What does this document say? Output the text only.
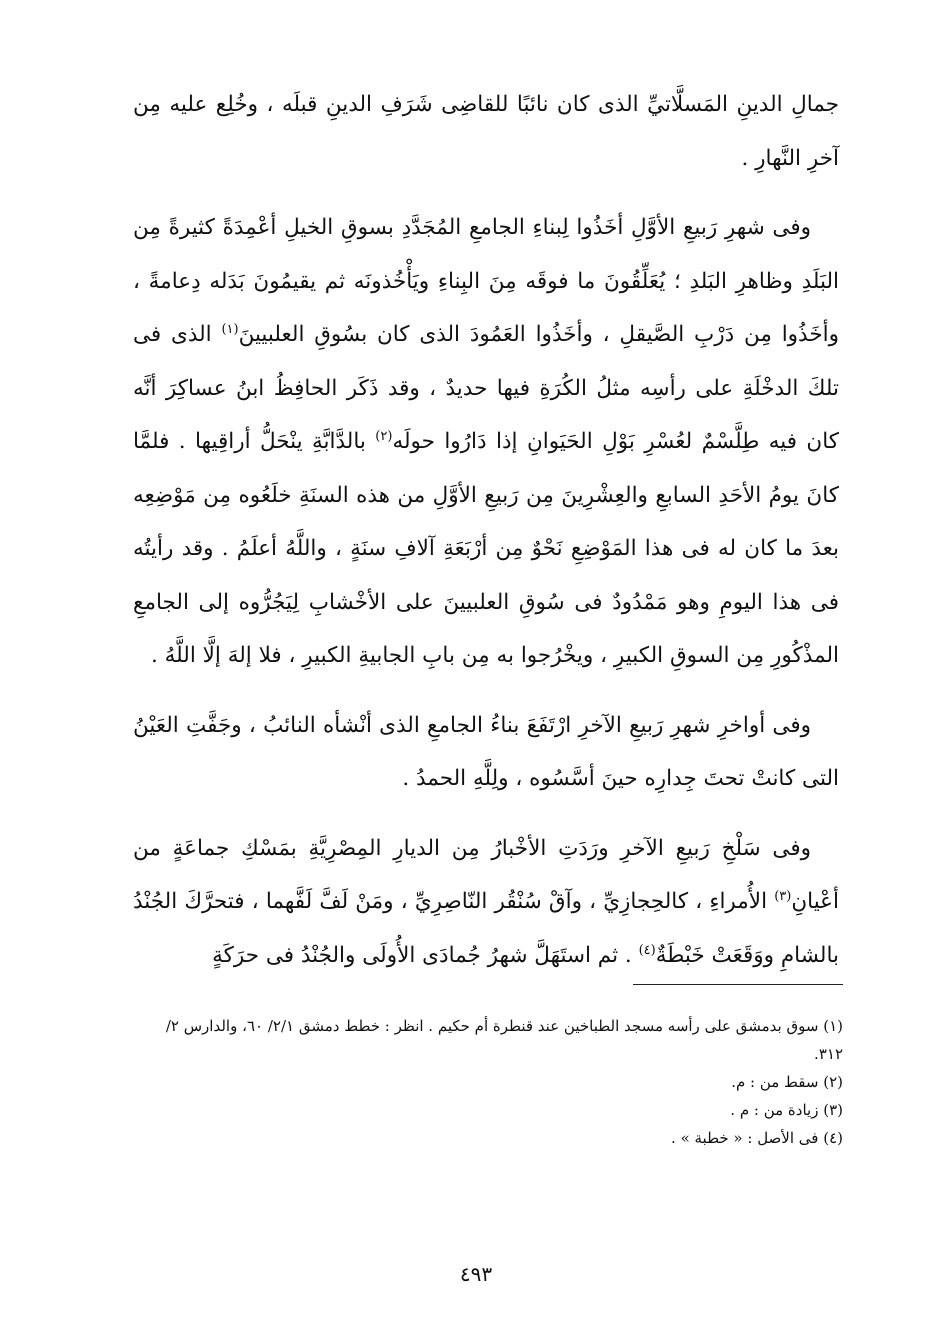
جمالِ الدينِ المَسلَّاتيِّ الذى كان نائبًا للقاضِى شَرَفِ الدينِ قبلَه ، وخُلِع عليه مِن آخرِ النَّهارِ .

وفى شهرِ رَبيعِ الأوَّلِ أخَذُوا لِبناءِ الجامعِ المُجَدَّدِ بسوقِ الخيلِ أعْمِدَةً كثيرةً مِن البَلَدِ وظاهرِ البَلدِ ؛ يُعَلِّقُونَ ما فوقَه مِنَ البِناءِ ويَأْخُذونَه ثم يقيمُونَ بَدَله دِعامةً ، وأخَذُوا مِن دَرْبِ الصَّيقلِ ، وأخَذُوا العَمُودَ الذى كان بسُوقِ العلبيينَ$^{(١)}$ الذى فى تلكَ الدخْلَةِ على رأسِه مثلُ الكُرَةِ فيها حديدٌ ، وقد ذَكَر الحافِظُ ابنُ عساكِرَ أنَّه كان فيه طِلَّسْمٌ لعُسْرِ بَوْلِ الحَيَوانِ إذا دَارُوا حولَه$^{(٢)}$ بالدَّابَّةِ ينْحَلُّ أراقِيها . فلمَّا كانَ يومُ الأحَدِ السابعِ والعِشْرِينَ مِن رَبيعِ الأوَّلِ من هذه السنَةِ خلَعُوه مِن مَوْضِعِه بعدَ ما كان له فى هذا المَوْضِعِ نَحْوٌ مِن أرْبَعَةِ آلافِ سنَةٍ ، واللَّهُ أعلَمُ . وقد رأيتُه فى هذا اليومِ وهو مَمْدُودٌ فى سُوقِ العلبيينَ على الأخْشابِ لِيَجُرُّوه إلى الجامعِ المذْكُورِ مِن السوقِ الكبيرِ ، ويخْرُجوا به مِن بابِ الجابيةِ الكبيرِ ، فلا إلهَ إلَّا اللَّهُ .

وفى أواخرِ شهرِ رَبيعِ الآخرِ ارْتَفَعَ بناءُ الجامعِ الذى أنْشأه النائبُ ، وجَفَّتِ العَيْنُ التى كانتْ تحتَ جِدارِه حينَ أسَّسُوه ، ولِلَّهِ الحمدُ .

وفى سَلْخِ رَبيعِ الآخرِ ورَدَتِ الأخْبارُ مِن الديارِ المِصْرِيَّةِ بمَسْكِ جماعَةٍ من أعْيانِ$^{(٣)}$ الأُمراءِ ، كالحِجازِيِّ ، وآقْ سُنْقُر النّاصِرِيِّ ، ومَنْ لَفَّ لَفَّهما ، فتحرَّكَ الجُنْدُ بالشامِ ووَقَعَتْ خَبْطَةٌ$^{(٤)}$ . ثم استَهَلَّ شهرُ جُمادَى الأُولَى والجُنْدُ فى حرَكَةٍ

(١) سوق بدمشق على رأسه مسجد الطباخين عند قنطرة أم حكيم . انظر : خطط دمشق ٢/١/ ٦٠، والدارس ٢/ ٣١٢.

(٢) سقط من : م.

(٣) زيادة من : م .

(٤) فى الأصل : « خطبة » .

٤٩٣
